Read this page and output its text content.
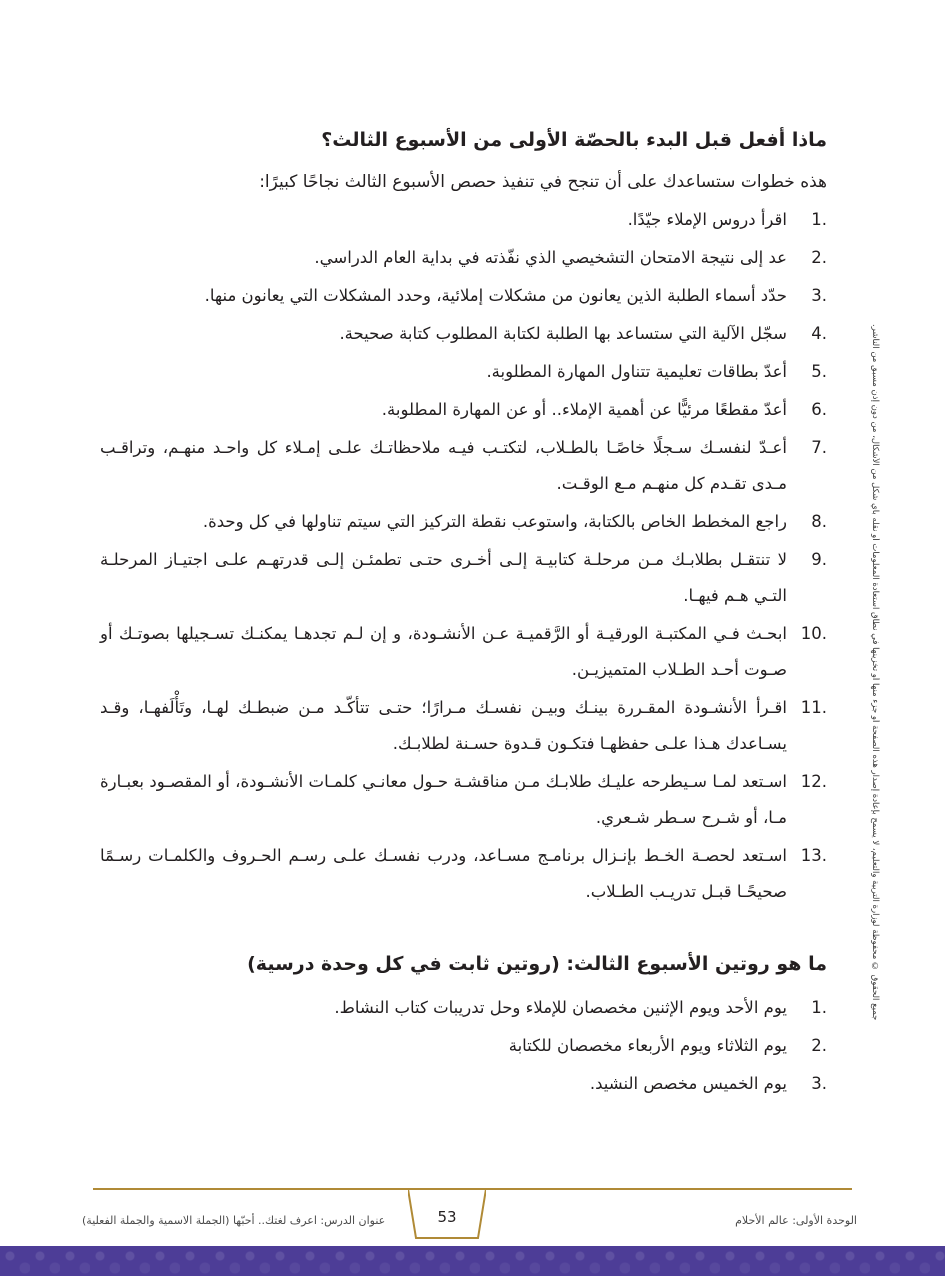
ماذا أفعل قبل البدء بالحصّة الأولى من الأسبوع الثالث؟
هذه خطوات ستساعدك على أن تنجح في تنفيذ حصص الأسبوع الثالث نجاحًا كبيرًا:
1.
اقرأ دروس الإملاء جيّدًا.
2.
عد إلى نتيجة الامتحان التشخيصي الذي نفّذته في بداية العام الدراسي.
3.
حدّد أسماء الطلبة الذين يعانون من مشكلات إملائية، وحدد المشكلات التي يعانون منها.
4.
سجّل الآلية التي ستساعد بها الطلبة لكتابة المطلوب كتابة صحيحة.
5.
أعدّ بطاقات تعليمية تتناول المهارة المطلوبة.
6.
أعدّ مقطعًا مرئيًّا عن أهمية الإملاء.. أو عن المهارة المطلوبة.
7.
أعـدّ لنفسـك سـجلًا خاصًـا بالطـلاب، لتكتـب فيـه ملاحظاتـك علـى إمـلاء كل واحـد منهـم، وتراقـب مـدى تقـدم كل منهـم مـع الوقـت.
8.
راجع المخطط الخاص بالكتابة، واستوعب نقطة التركيز التي سيتم تناولها في كل وحدة.
9.
لا تنتقـل بطلابـك مـن مرحلـة كتابيـة إلـى أخـرى حتـى تطمئـن إلـى قدرتهـم علـى اجتيـاز المرحلـة التـي هـم فيهـا.
10.
ابحـث فـي المكتبـة الورقيـة أو الرَّقميـة عـن الأنشـودة، و إن لـم تجدهـا يمكنـك تسـجيلها بصوتـك أو صـوت أحـد الطـلاب المتميزيـن.
11.
اقـرأ الأنشـودة المقـررة بينـك وبيـن نفسـك مـرارًا؛ حتـى تتأكّـد مـن ضبطـك لهـا، وتَأْلَفهـا، وقـد يسـاعدك هـذا علـى حفظهـا فتكـون قـدوة حسـنة لطلابـك.
12.
اسـتعد لمـا سـيطرحه عليـك طلابـك مـن مناقشـة حـول معانـي كلمـات الأنشـودة، أو المقصـود بعبـارة مـا، أو شـرح سـطر شـعري.
13.
اسـتعد لحصـة الخـط بإنـزال برنامـج مسـاعد، ودرب نفسـك علـى رسـم الحـروف والكلمـات رسـمًا صحيحًـا قبـل تدريـب الطـلاب.
ما هو روتين الأسبوع الثالث: (روتين ثابت في كل وحدة درسية)
1.
يوم الأحد ويوم الإثنين مخصصان للإملاء وحل تدريبات كتاب النشاط.
2.
يوم الثلاثاء ويوم الأربعاء مخصصان للكتابة
3.
يوم الخميس مخصص النشيد.
جميع الحقوق © محفوظة لوزارة التربية والتعليم، لا يسمح بإعادة إصدار هذه الصفحة أو جزء منها أو تخزينها في نطاق استعادة المعلومات أو نقله بأي شكل من الأشكال، من دون إذن مسبق من الناشر.
53
عنوان الدرس: اعرف لغتك.. أحبّها (الجملة الاسمية والجملة الفعلية)	الوحدة الأولى: عالم الأحلام
